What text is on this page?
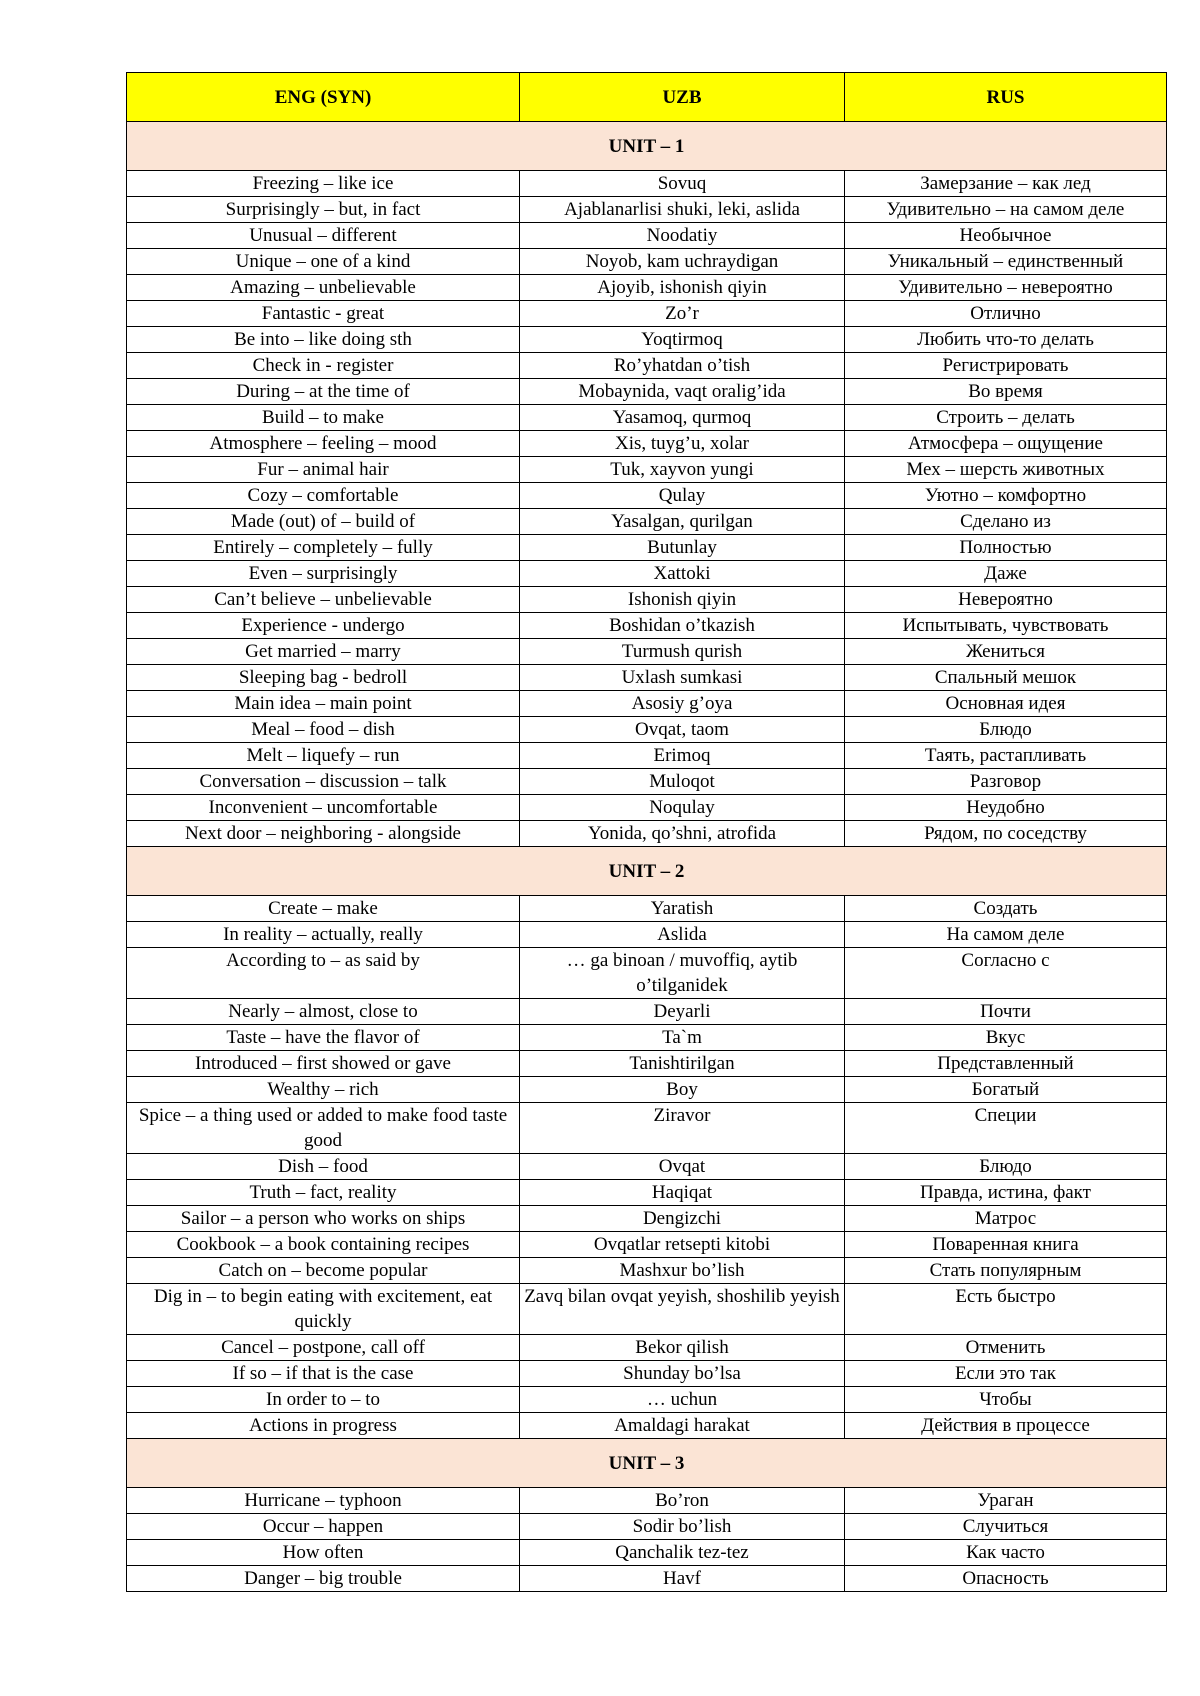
ENG (SYN)	UZB	RUS
UNIT – 1		
Freezing – like ice	Sovuq	Замерзание – как лед
Surprisingly – but, in fact	Ajablanarlisi shuki, leki, aslida	Удивительно – на самом деле
Unusual – different	Noodatiy	Необычное
Unique – one of a kind	Noyob, kam uchraydigan	Уникальный – единственный
Amazing – unbelievable	Ajoyib, ishonish qiyin	Удивительно – невероятно
Fantastic - great	Zo’r	Отлично
Be into – like doing sth	Yoqtirmoq	Любить что-то делать
Check in - register	Ro’yhatdan o’tish	Регистрировать
During – at the time of	Mobaynida, vaqt oralig’ida	Во время
Build – to make	Yasamoq, qurmoq	Строить – делать
Atmosphere – feeling – mood	Xis, tuyg’u, xolar	Атмосфера – ощущение
Fur – animal hair	Tuk, xayvon yungi	Мех – шерсть животных
Cozy – comfortable	Qulay	Уютно – комфортно
Made (out) of – build of	Yasalgan, qurilgan	Сделано из
Entirely – completely – fully	Butunlay	Полностью
Even – surprisingly	Xattoki	Даже
Can’t believe – unbelievable	Ishonish qiyin	Невероятно
Experience - undergo	Boshidan o’tkazish	Испытывать, чувствовать
Get married – marry	Turmush qurish	Жениться
Sleeping bag - bedroll	Uxlash sumkasi	Спальный мешок
Main idea – main point	Asosiy g’oya	Основная идея
Meal – food – dish	Ovqat, taom	Блюдо
Melt – liquefy – run	Erimoq	Таять, растапливать
Conversation – discussion – talk	Muloqot	Разговор
Inconvenient – uncomfortable	Noqulay	Неудобно
Next door – neighboring - alongside	Yonida, qo’shni, atrofida	Рядом, по соседству
UNIT – 2		
Create – make	Yaratish	Создать
In reality – actually, really	Aslida	На самом деле
According to – as said by	… ga binoan / muvoffiq, aytib o’tilganidek	Согласно с
Nearly – almost, close to	Deyarli	Почти
Taste – have the flavor of	Ta`m	Вкус
Introduced – first showed or gave	Tanishtirilgan	Представленный
Wealthy – rich	Boy	Богатый
Spice – a thing used or added to make food taste good	Ziravor	Специи
Dish – food	Ovqat	Блюдо
Truth – fact, reality	Haqiqat	Правда, истина, факт
Sailor – a person who works on ships	Dengizchi	Матрос
Cookbook – a book containing recipes	Ovqatlar retsepti kitobi	Поваренная книга
Catch on – become popular	Mashxur bo’lish	Стать популярным
Dig in – to begin eating with excitement, eat quickly	Zavq bilan ovqat yeyish, shoshilib yeyish	Есть быстро
Cancel – postpone, call off	Bekor qilish	Отменить
If so – if that is the case	Shunday bo’lsa	Если это так
In order to – to	… uchun	Чтобы
Actions in progress	Amaldagi harakat	Действия в процессе
UNIT – 3		
Hurricane – typhoon	Bo’ron	Ураган
Occur – happen	Sodir bo’lish	Случиться
How often	Qanchalik tez-tez	Как часто
Danger – big trouble	Havf	Опасность
